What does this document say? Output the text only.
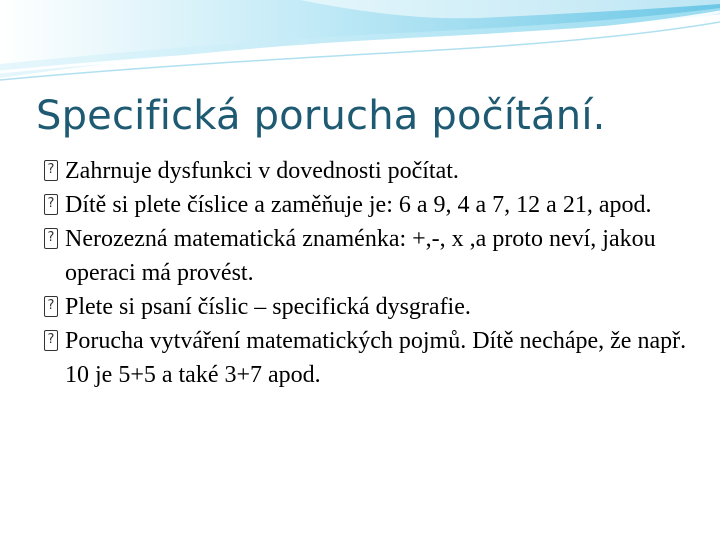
Specifická porucha počítání.
? Zahrnuje dysfunkci v dovednosti počítat.
? Dítě si plete číslice a zaměňuje je: 6 a 9, 4 a 7, 12 a 21, apod.
? Nerozezná matematická znaménka: +,-, x ,a proto neví, jakou operaci má provést.
? Plete si psaní číslic – specifická dysgrafie.
? Porucha vytváření matematických pojmů. Dítě nechápe, že např. 10 je 5+5 a také 3+7 apod.
